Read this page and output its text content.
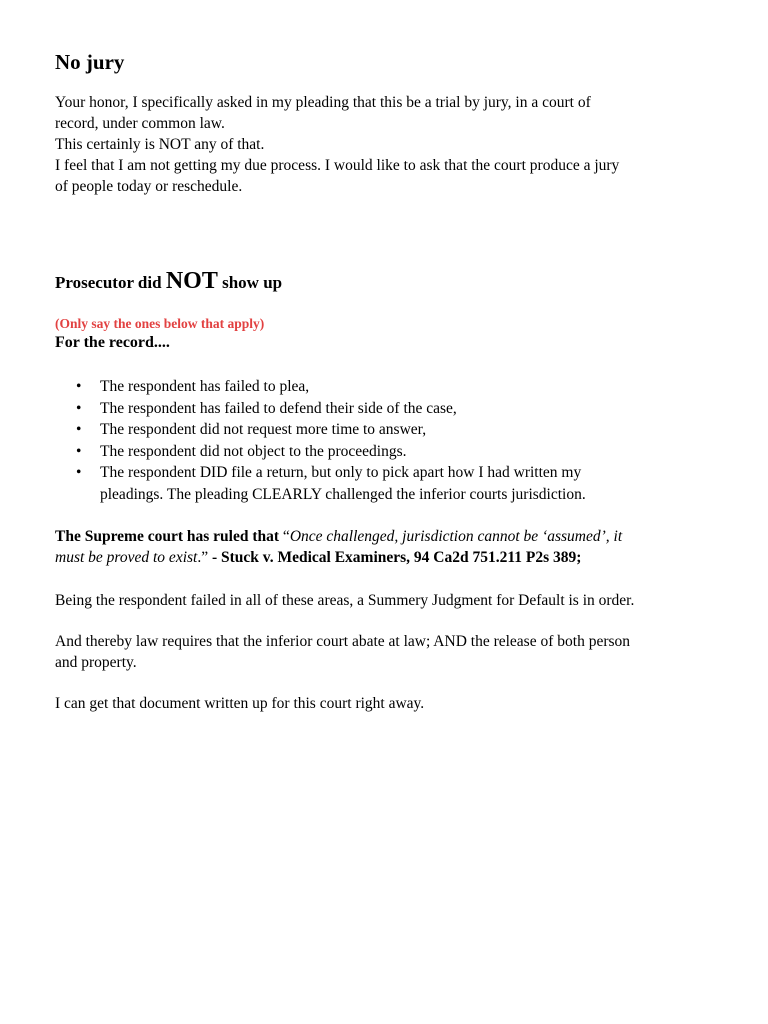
No jury
Your honor, I specifically asked in my pleading that this be a trial by jury, in a court of
record, under common law.
This certainly is NOT any of that.
I feel that I am not getting my due process. I would like to ask that the court produce a jury
of people today or reschedule.
Prosecutor did NOT show up
(Only say the ones below that apply)
For the record....
• The respondent has failed to plea,
• The respondent has failed to defend their side of the case,
• The respondent did not request more time to answer,
• The respondent did not object to the proceedings.
• The respondent DID file a return, but only to pick apart how I had written my
pleadings. The pleading CLEARLY challenged the inferior courts jurisdiction.
The Supreme court has ruled that “Once challenged, jurisdiction cannot be ‘assumed’, it
must be proved to exist.” - Stuck v. Medical Examiners, 94 Ca2d 751.211 P2s 389;
Being the respondent failed in all of these areas, a Summery Judgment for Default is in order.
And thereby law requires that the inferior court abate at law; AND the release of both person
and property.
I can get that document written up for this court right away.
